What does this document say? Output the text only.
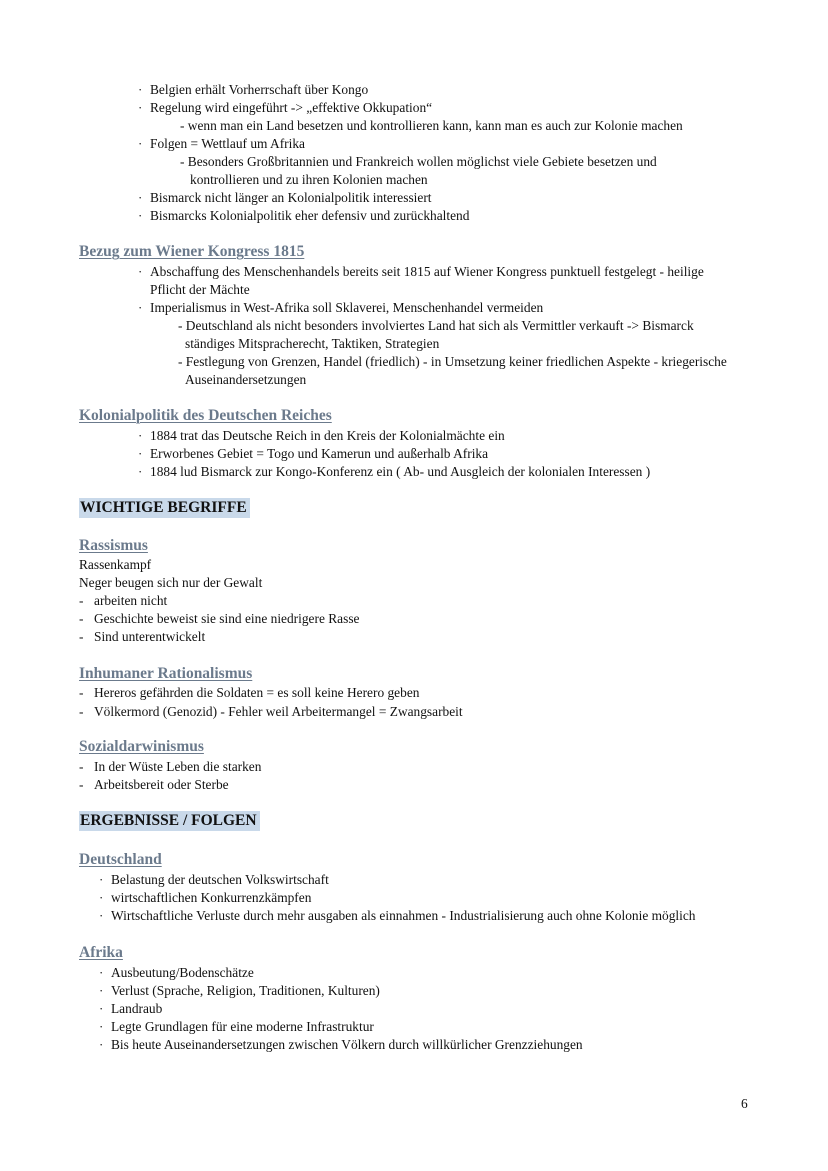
· Belgien erhält Vorherrschaft über Kongo
· Regelung wird eingeführt -> „effektive Okkupation“
- wenn man ein Land besetzen und kontrollieren kann, kann man es auch zur Kolonie machen
· Folgen = Wettlauf um Afrika
- Besonders Großbritannien und Frankreich wollen möglichst viele Gebiete besetzen und
kontrollieren und zu ihren Kolonien machen
· Bismarck nicht länger an Kolonialpolitik interessiert
· Bismarcks Kolonialpolitik eher defensiv und zurückhaltend
Bezug zum Wiener Kongress 1815
· Abschaffung des Menschenhandels bereits seit 1815 auf Wiener Kongress punktuell festgelegt - heilige
Pflicht der Mächte
· Imperialismus in West-Afrika soll Sklaverei, Menschenhandel vermeiden
- Deutschland als nicht besonders involviertes Land hat sich als Vermittler verkauft -> Bismarck
ständiges Mitspracherecht, Taktiken, Strategien
- Festlegung von Grenzen, Handel (friedlich) - in Umsetzung keiner friedlichen Aspekte - kriegerische
Auseinandersetzungen
Kolonialpolitik des Deutschen Reiches
· 1884 trat das Deutsche Reich in den Kreis der Kolonialmächte ein
· Erworbenes Gebiet = Togo und Kamerun und außerhalb Afrika
· 1884 lud Bismarck zur Kongo-Konferenz ein ( Ab- und Ausgleich der kolonialen Interessen )
WICHTIGE BEGRIFFE
Rassismus
Rassenkampf
Neger beugen sich nur der Gewalt
- arbeiten nicht
- Geschichte beweist sie sind eine niedrigere Rasse
- Sind unterentwickelt
Inhumaner Rationalismus
- Hereros gefährden die Soldaten = es soll keine Herero geben
- Völkermord (Genozid) - Fehler weil Arbeitermangel = Zwangsarbeit
Sozialdarwinismus
- In der Wüste Leben die starken
- Arbeitsbereit oder Sterbe
ERGEBNISSE / FOLGEN
Deutschland
· Belastung der deutschen Volkswirtschaft
· wirtschaftlichen Konkurrenzkämpfen
· Wirtschaftliche Verluste durch mehr ausgaben als einnahmen - Industrialisierung auch ohne Kolonie möglich
Afrika
· Ausbeutung/Bodenschätze
· Verlust (Sprache, Religion, Traditionen, Kulturen)
· Landraub
· Legte Grundlagen für eine moderne Infrastruktur
· Bis heute Auseinandersetzungen zwischen Völkern durch willkürlicher Grenzziehungen
6
